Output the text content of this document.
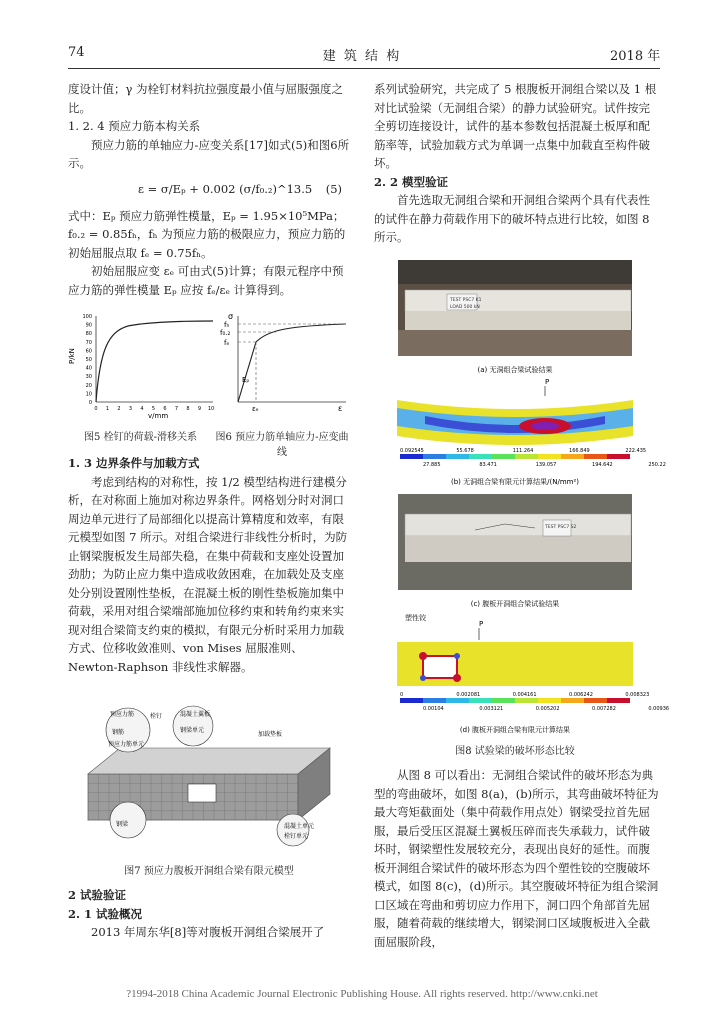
74	建 筑 结 构	2018 年

度设计值；γ 为栓钉材料抗拉强度最小值与屈服强度之比。

1. 2. 4 预应力筋本构关系

预应力筋的单轴应力-应变关系[17]如式(5)和图6所示。

ε = σ/Eₚ + 0.002 (σ/f₀.₂)^13.5 (5)

式中：Eₚ 预应力筋弹性模量，Eₚ = 1.95×10⁵MPa；f₀.₂ = 0.85fₕ，fₕ 为预应力筋的极限应力，预应力筋的初始屈服点取 fₑ = 0.75fₕ。

初始屈服应变 εₑ 可由式(5)计算；有限元程序中预应力筋的弹性模量 Eₚ 应按 fₑ/εₑ 计算得到。

100
90
80
70
60
50
40
30
20
10
0
0 1 2 3 4 5 6 7 8 9 10
P/kN
v/mm
σ
fₕ
f₀.₂
fₑ
Eₚ
εₑ	ε
图5 栓钉的荷载-滑移关系	图6 预应力筋单轴应力-应变曲线

1. 3 边界条件与加载方式

考虑到结构的对称性，按 1/2 模型结构进行建模分析，在对称面上施加对称边界条件。网格划分时对洞口周边单元进行了局部细化以提高计算精度和效率，有限元模型如图 7 所示。对组合梁进行非线性分析时，为防止钢梁腹板发生局部失稳，在集中荷载和支座处设置加劲肋；为防止应力集中造成收敛困难，在加载处及支座处分别设置刚性垫板，在混凝土板的刚性垫板施加集中荷载，采用对组合梁端部施加位移约束和转角约束来实现对组合梁简支约束的模拟，有限元分析时采用力加载方式、位移收敛准则、von Mises 屈服准则、Newton-Raphson 非线性求解器。

预应力筋	栓钉	混凝土翼板
钢梁单元
钢筋	加载垫板
预应力筋单元
钢梁	混凝土单元
栓钉单元
图7 预应力腹板开洞组合梁有限元模型

2 试验验证

2. 1 试验概况

2013 年周东华[8]等对腹板开洞组合梁展开了

系列试验研究，共完成了 5 根腹板开洞组合梁以及 1 根对比试验梁（无洞组合梁）的静力试验研究。试件按完全剪切连接设计，试件的基本参数包括混凝土板厚和配筋率等，试验加载方式为单调一点集中加载直至构件破坏。

2. 2 模型验证

首先选取无洞组合梁和开洞组合梁两个具有代表性的试件在静力荷载作用下的破坏特点进行比较，如图 8 所示。

TEST PSC7 K1
LOAD 500 kN
(a) 无洞组合梁试验结果
P
0.092545	55.678	111.264	166.849	222.435
27.885	83.471	139.057	194.642	250.22
(b) 无洞组合梁有限元计算结果/(N/mm²)
TEST PSC7 S2
(c) 腹板开洞组合梁试验结果
塑性铰
P
0	0.002081	0.004161	0.006242	0.008323
0.00104	0.003121	0.005202	0.007282	0.00936
(d) 腹板开洞组合梁有限元计算结果
图8 试验梁的破坏形态比较

从图 8 可以看出：无洞组合梁试件的破坏形态为典型的弯曲破坏，如图 8(a)，(b)所示，其弯曲破坏特征为最大弯矩截面处（集中荷载作用点处）钢梁受拉首先屈服，最后受压区混凝土翼板压碎而丧失承载力，试件破坏时，钢梁塑性发展较充分，表现出良好的延性。而腹板开洞组合梁试件的破坏形态为四个塑性铰的空腹破坏模式，如图 8(c)，(d)所示。其空腹破坏特征为组合梁洞口区域在弯曲和剪切应力作用下，洞口四个角部首先屈服，随着荷载的继续增大，钢梁洞口区域腹板进入全截面屈服阶段，

?1994-2018 China Academic Journal Electronic Publishing House. All rights reserved. http://www.cnki.net
